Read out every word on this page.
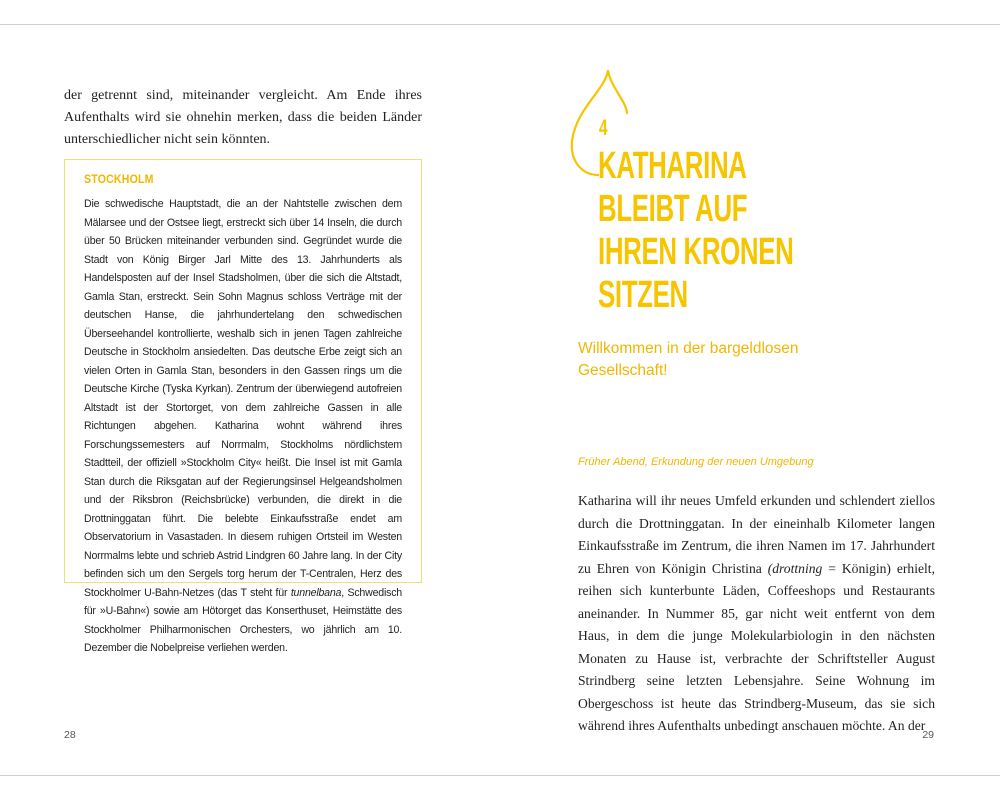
der getrennt sind, miteinander vergleicht. Am Ende ihres Aufenthalts wird sie ohnehin merken, dass die beiden Länder unterschiedlicher nicht sein könnten.
STOCKHOLM

Die schwedische Hauptstadt, die an der Nahtstelle zwischen dem Mälarsee und der Ostsee liegt, erstreckt sich über 14 Inseln, die durch über 50 Brücken miteinander verbunden sind. Gegründet wurde die Stadt von König Birger Jarl Mitte des 13. Jahrhunderts als Handelsposten auf der Insel Stadsholmen, über die sich die Altstadt, Gamla Stan, erstreckt. Sein Sohn Magnus schloss Verträge mit der deutschen Hanse, die jahrhundertelang den schwedischen Überseehandel kontrollierte, weshalb sich in jenen Tagen zahlreiche Deutsche in Stockholm ansiedelten. Das deutsche Erbe zeigt sich an vielen Orten in Gamla Stan, besonders in den Gassen rings um die Deutsche Kirche (Tyska Kyrkan). Zentrum der überwiegend autofreien Altstadt ist der Stortorget, von dem zahlreiche Gassen in alle Richtungen abgehen. Katharina wohnt während ihres Forschungssemesters auf Norrmalm, Stockholms nördlichstem Stadtteil, der offiziell »Stockholm City« heißt. Die Insel ist mit Gamla Stan durch die Riksgatan auf der Regierungsinsel Helgeandsholmen und der Riksbron (Reichsbrücke) verbunden, die direkt in die Drottninggatan führt. Die belebte Einkaufsstraße endet am Observatorium in Vasastaden. In diesem ruhigen Ortsteil im Westen Norrmalms lebte und schrieb Astrid Lindgren 60 Jahre lang. In der City befinden sich um den Sergels torg herum der T-Centralen, Herz des Stockholmer U-Bahn-Netzes (das T steht für tunnelbana, Schwedisch für »U-Bahn«) sowie am Hötorget das Konserthuset, Heimstätte des Stockholmer Philharmonischen Orchesters, wo jährlich am 10. Dezember die Nobelpreise verliehen werden.

28
4
KATHARINA
BLEIBT AUF
IHREN KRONEN
SITZEN
Willkommen in der bargeldlosen Gesellschaft!
Früher Abend, Erkundung der neuen Umgebung
Katharina will ihr neues Umfeld erkunden und schlendert ziellos durch die Drottninggatan. In der eineinhalb Kilometer langen Einkaufsstraße im Zentrum, die ihren Namen im 17. Jahrhundert zu Ehren von Königin Christina (drottning = Königin) erhielt, reihen sich kunterbunte Läden, Coffeeshops und Restaurants aneinander. In Nummer 85, gar nicht weit entfernt von dem Haus, in dem die junge Molekularbiologin in den nächsten Monaten zu Hause ist, verbrachte der Schriftsteller August Strindberg seine letzten Lebensjahre. Seine Wohnung im Obergeschoss ist heute das Strindberg-Museum, das sie sich während ihres Aufenthalts unbedingt anschauen möchte. An der
29
